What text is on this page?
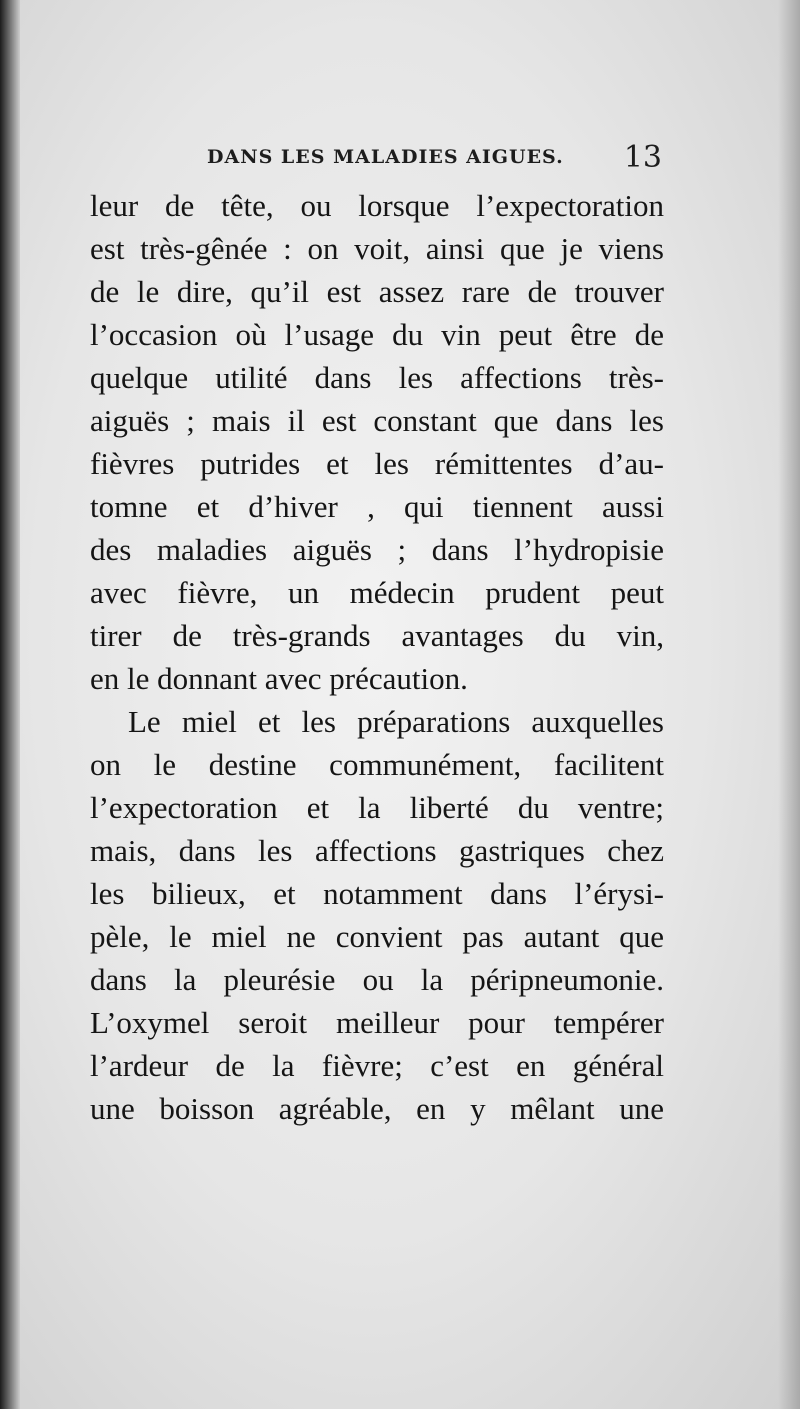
DANS LES MALADIES AIGUES. 13
leur de tête, ou lorsque l’expectoration
est très-gênée : on voit, ainsi que je viens
de le dire, qu’il est assez rare de trouver
l’occasion où l’usage du vin peut être de
quelque utilité dans les affections très-
aiguës ; mais il est constant que dans les
fièvres putrides et les rémittentes d’au-
tomne et d’hiver , qui tiennent aussi
des maladies aiguës ; dans l’hydropisie
avec fièvre, un médecin prudent peut
tirer de très-grands avantages du vin,
en le donnant avec précaution.
Le miel et les préparations auxquelles
on le destine communément, facilitent
l’expectoration et la liberté du ventre;
mais, dans les affections gastriques chez
les bilieux, et notamment dans l’érysi-
pèle, le miel ne convient pas autant que
dans la pleurésie ou la péripneumonie.
L’oxymel seroit meilleur pour tempérer
l’ardeur de la fièvre; c’est en général
une boisson agréable, en y mêlant une
